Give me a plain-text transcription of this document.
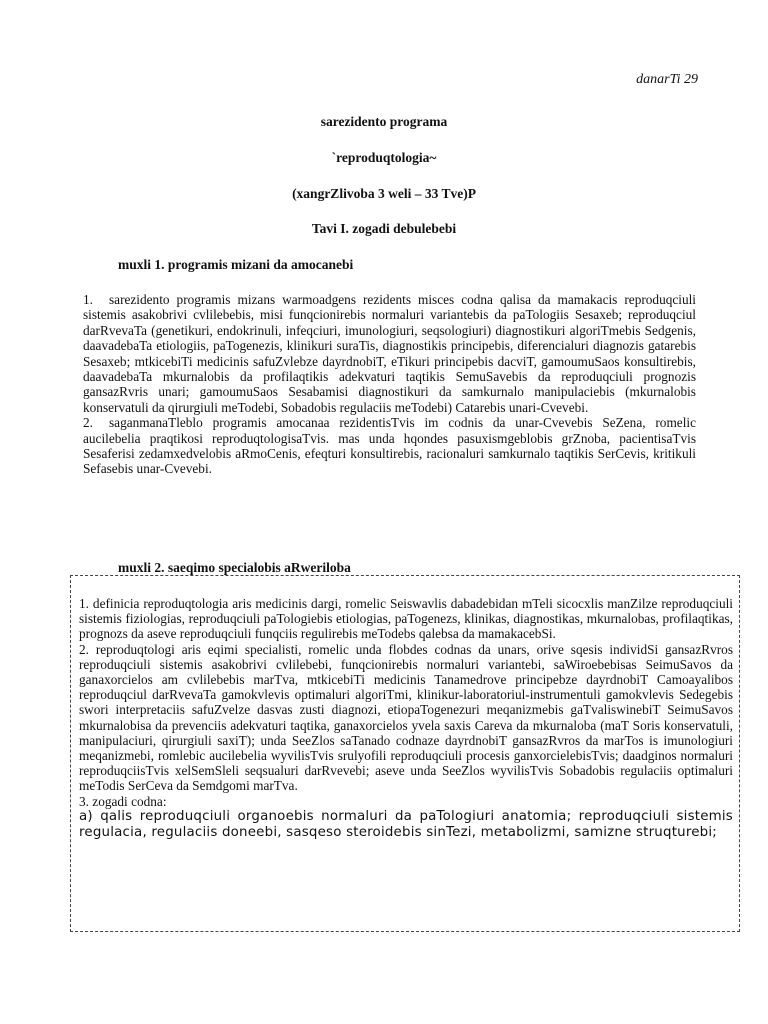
danarTi 29
sarezidento programa
`reproduqtologia~
(xangrZlivoba 3 weli – 33 Tve)P
Tavi I. zogadi debulebebi
muxli 1. programis mizani da amocanebi

1. sarezidento programis mizans warmoadgens rezidents misces codna qalisa da mamakacis reproduqciuli sistemis asakobrivi cvlilebebis, misi funqcionirebis normaluri variantebis da paTologiis Sesaxeb; reproduqciul darRvevaTa (genetikuri, endokrinuli, infeqciuri, imunologiuri, seqsologiuri) diagnostikuri algoriTmebis Sedgenis, daavadebaTa etiologiis, paTogenezis, klinikuri suraTis, diagnostikis principebis, diferencialuri diagnozis gatarebis Sesaxeb; mtkicebiTi medicinis safuZvlebze dayrdnobiT, eTikuri principebis dacviT, gamoumuSaos konsultirebis, daavadebaTa mkurnalobis da profilaqtikis adekvaturi taqtikis SemuSavebis da reproduqciuli prognozis gansazRvris unari; gamoumuSaos Sesabamisi diagnostikuri da samkurnalo manipulaciebis (mkurnalobis konservatuli da qirurgiuli meTodebi, Sobadobis regulaciis meTodebi) Catarebis unari-Cvevebi.

2. saganmanaTleblo programis amocanaa rezidentisTvis im codnis da unar-Cvevebis SeZena, romelic aucilebelia praqtikosi reproduqtologisaTvis. mas unda hqondes pasuxismgeblobis grZnoba, pacientisaTvis Sesaferisi zedamxedvelobis aRmoCenis, efeqturi konsultirebis, racionaluri samkurnalo taqtikis SerCevis, kritikuli Sefasebis unar-Cvevebi.

muxli 2. saeqimo specialobis aRweriloba

1. definicia reproduqtologia aris medicinis dargi, romelic Seiswavlis dabadebidan mTeli sicocxlis manZilze reproduqciuli sistemis fiziologias, reproduqciuli paTologiebis etiologias, paTogenezs, klinikas, diagnostikas, mkurnalobas, profilaqtikas, prognozs da aseve reproduqciuli funqciis regulirebis meTodebs qalebsa da mamakacebSi.

2. reproduqtologi aris eqimi specialisti, romelic unda flobdes codnas da unars, orive sqesis individSi gansazRvros reproduqciuli sistemis asakobrivi cvlilebebi, funqcionirebis normaluri variantebi, saWiroebebisas SeimuSavos da ganaxorcielos am cvlilebebis marTva, mtkicebiTi medicinis Tanamedrove principebze dayrdnobiT Camoayalibos reproduqciul darRvevaTa gamokvlevis optimaluri algoriTmi, klinikur-laboratoriul-instrumentuli gamokvlevis Sedegebis swori interpretaciis safuZvelze dasvas zusti diagnozi, etiopaTogenezuri meqanizmebis gaTvaliswinebiT SeimuSavos mkurnalobisa da prevenciis adekvaturi taqtika, ganaxorcielos yvela saxis Careva da mkurnaloba (maT Soris konservatuli, manipulaciuri, qirurgiuli saxiT); unda SeeZlos saTanado codnaze dayrdnobiT gansazRvros da marTos is imunologiuri meqanizmebi, romlebic aucilebelia wyvilisTvis srulyofili reproduqciuli procesis ganxorcielebisTvis; daadginos normaluri reproduqciisTvis xelSemSleli seqsualuri darRvevebi; aseve unda SeeZlos wyvilisTvis Sobadobis regulaciis optimaluri meTodis SerCeva da Semdgomi marTva.

3. zogadi codna:

a) qalis reproduqciuli organoebis normaluri da paTologiuri anatomia; reproduqciuli sistemis regulacia, regulaciis doneebi, sasqeso steroidebis sinTezi, metabolizmi, samizne struqturebi;
